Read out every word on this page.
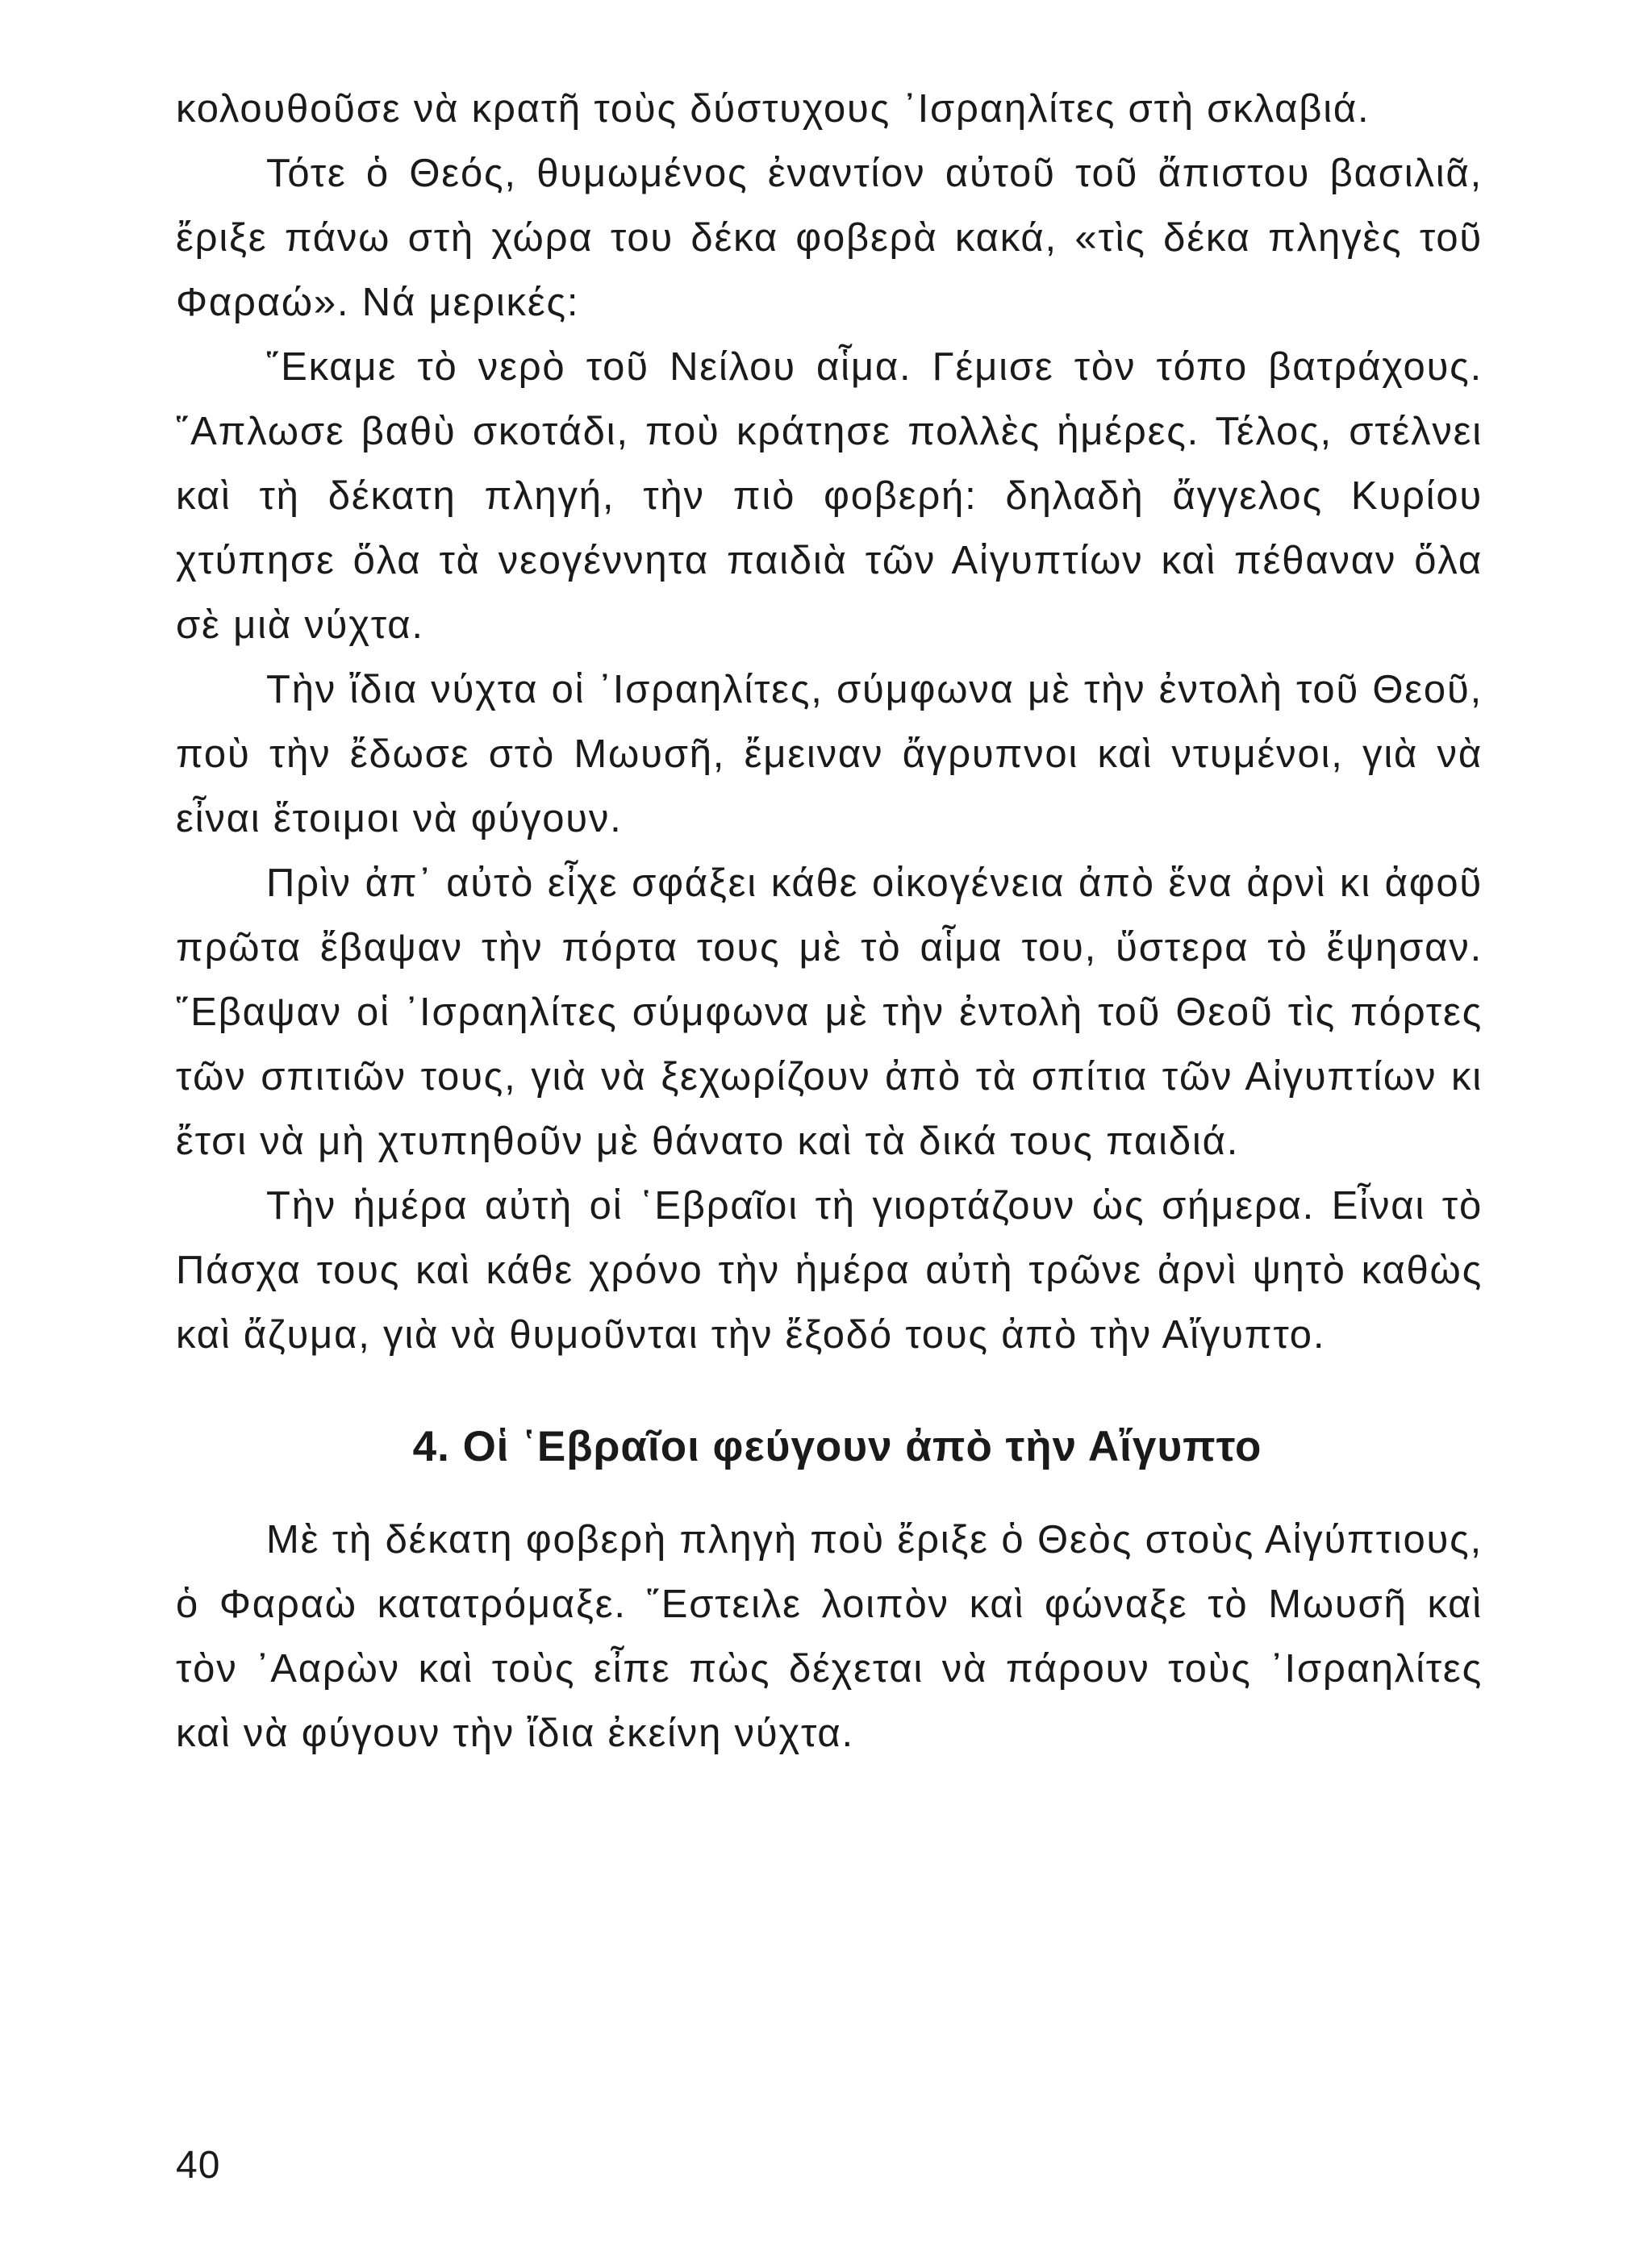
κολουθοῦσε νὰ κρατῆ τοὺς δύστυχους ᾿Ισραηλίτες στὴ σκλαβιά.

Τότε ὁ Θεός, θυμωμένος ἐναντίον αὐτοῦ τοῦ ἄπιστου βασιλιᾶ, ἔριξε πάνω στὴ χώρα του δέκα φοβερὰ κακά, «τὶς δέκα πληγὲς τοῦ Φαραώ». Νά μερικές:

῞Εκαμε τὸ νερὸ τοῦ Νείλου αἷμα. Γέμισε τὸν τόπο βατράχους. ῞Απλωσε βαθὺ σκοτάδι, ποὺ κράτησε πολλὲς ἡμέρες. Τέλος, στέλνει καὶ τὴ δέκατη πληγή, τὴν πιὸ φοβερή: δηλαδὴ ἄγγελος Κυρίου χτύπησε ὅλα τὰ νεογέννητα παιδιὰ τῶν Αἰγυπτίων καὶ πέθαναν ὅλα σὲ μιὰ νύχτα.

Τὴν ἴδια νύχτα οἱ ᾿Ισραηλίτες, σύμφωνα μὲ τὴν ἐντολὴ τοῦ Θεοῦ, ποὺ τὴν ἔδωσε στὸ Μωυσῆ, ἔμειναν ἄγρυπνοι καὶ ντυμένοι, γιὰ νὰ εἶναι ἕτοιμοι νὰ φύγουν.

Πρὶν ἀπ᾿ αὐτὸ εἶχε σφάξει κάθε οἰκογένεια ἀπὸ ἕνα ἀρνὶ κι ἀφοῦ πρῶτα ἔβαψαν τὴν πόρτα τους μὲ τὸ αἷμα του, ὕστερα τὸ ἔψησαν. ῞Εβαψαν οἱ ᾿Ισραηλίτες σύμφωνα μὲ τὴν ἐντολὴ τοῦ Θεοῦ τὶς πόρτες τῶν σπιτιῶν τους, γιὰ νὰ ξεχωρίζουν ἀπὸ τὰ σπίτια τῶν Αἰγυπτίων κι ἔτσι νὰ μὴ χτυπηθοῦν μὲ θάνατο καὶ τὰ δικά τους παιδιά.

Τὴν ἡμέρα αὐτὴ οἱ ῾Εβραῖοι τὴ γιορτάζουν ὡς σήμερα. Εἶναι τὸ Πάσχα τους καὶ κάθε χρόνο τὴν ἡμέρα αὐτὴ τρῶνε ἀρνὶ ψητὸ καθὼς καὶ ἄζυμα, γιὰ νὰ θυμοῦνται τὴν ἔξοδό τους ἀπὸ τὴν Αἴγυπτο.

4. Οἱ ῾Εβραῖοι φεύγουν ἀπὸ τὴν Αἴγυπτο

Μὲ τὴ δέκατη φοβερὴ πληγὴ ποὺ ἔριξε ὁ Θεὸς στοὺς Αἰγύπτιους, ὁ Φαραὼ κατατρόμαξε. ῞Εστειλε λοιπὸν καὶ φώναξε τὸ Μωυσῆ καὶ τὸν ᾿Ααρὼν καὶ τοὺς εἶπε πὼς δέχεται νὰ πάρουν τοὺς ᾿Ισραηλίτες καὶ νὰ φύγουν τὴν ἴδια ἐκείνη νύχτα.

40
